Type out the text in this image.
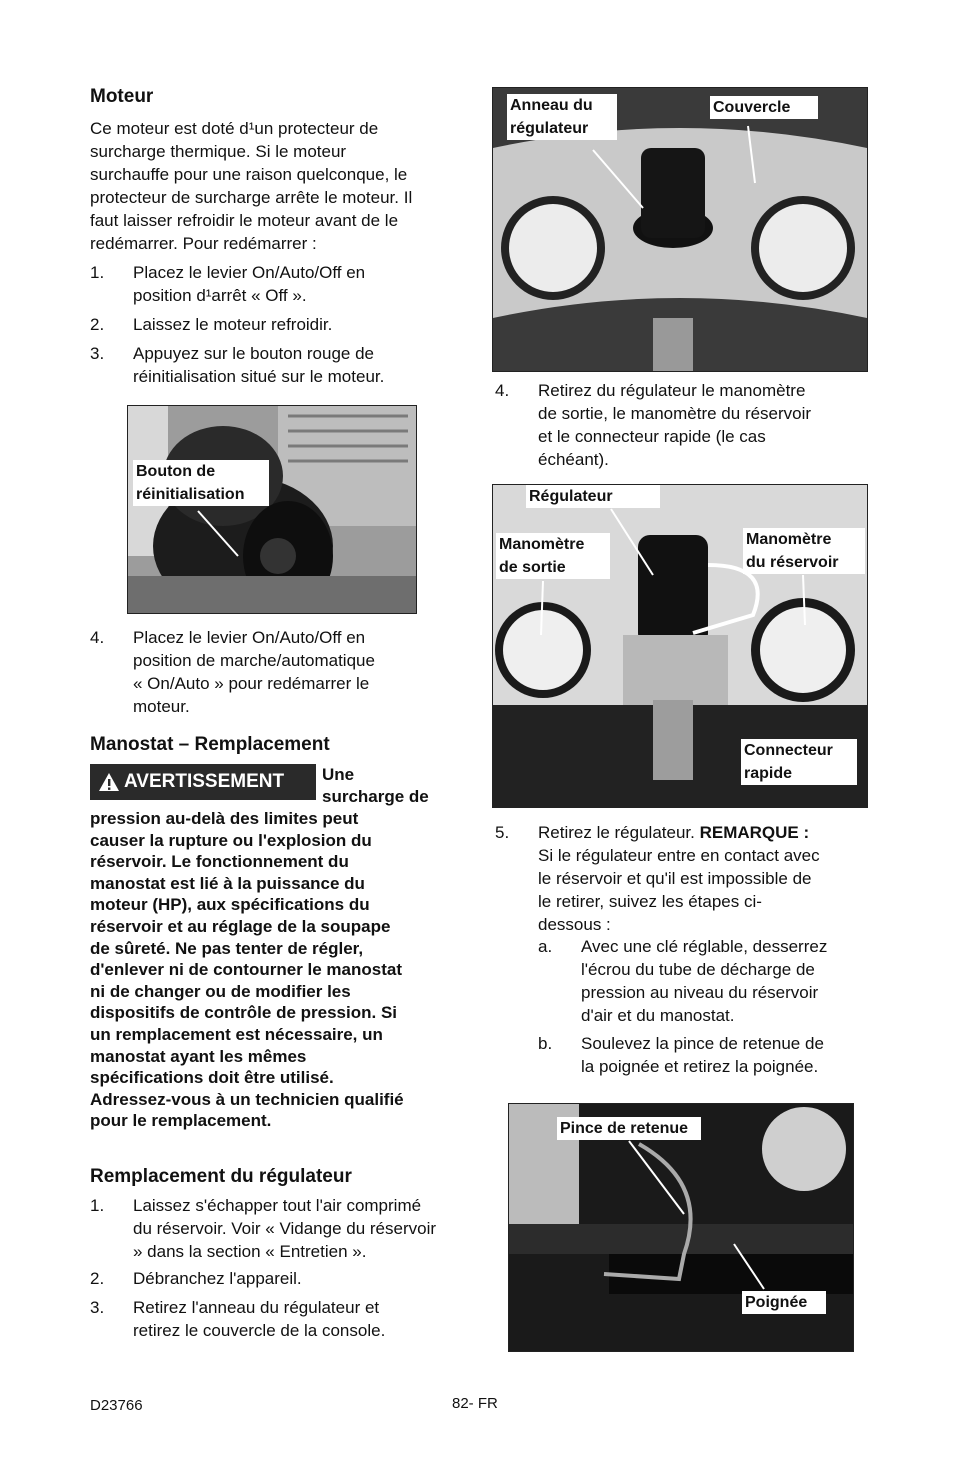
Moteur
Ce moteur est doté d¹un protecteur de
surcharge thermique. Si le moteur
surchauffe pour une raison quelconque, le
protecteur de surcharge arrête le moteur. Il
faut laisser refroidir le moteur avant de le
redémarrer. Pour redémarrer :
1. Placez le levier On/Auto/Off en
position d¹arrêt « Off ».
2. Laissez le moteur refroidir.
3. Appuyez sur le bouton rouge de
réinitialisation situé sur le moteur.
Bouton de
réinitialisation
4. Placez le levier On/Auto/Off en
position de marche/automatique
« On/Auto » pour redémarrer le
moteur.
Manostat – Remplacement
AVERTISSEMENT Une
surcharge de
pression au-delà des limites peut
causer la rupture ou l'explosion du
réservoir. Le fonctionnement du
manostat est lié à la puissance du
moteur (HP), aux spécifications du
réservoir et au réglage de la soupape
de sûreté. Ne pas tenter de régler,
d'enlever ni de contourner le manostat
ni de changer ou de modifier les
dispositifs de contrôle de pression. Si
un remplacement est nécessaire, un
manostat ayant les mêmes
spécifications doit être utilisé.
Adressez-vous à un technicien qualifié
pour le remplacement.
Remplacement du régulateur
1. Laissez s'échapper tout l'air comprimé
du réservoir. Voir « Vidange du réservoir
» dans la section « Entretien ».
2. Débranchez l'appareil.
3. Retirez l'anneau du régulateur et
retirez le couvercle de la console.
Anneau du
régulateur
Couvercle
4. Retirez du régulateur le manomètre
de sortie, le manomètre du réservoir
et le connecteur rapide (le cas
échéant).
Régulateur
Manomètre
de sortie
Manomètre
du réservoir
Connecteur
rapide
5. Retirez le régulateur. REMARQUE :
Si le régulateur entre en contact avec
le réservoir et qu'il est impossible de
le retirer, suivez les étapes ci-
dessous :
a. Avec une clé réglable, desserrez
l'écrou du tube de décharge de
pression au niveau du réservoir
d'air et du manostat.
b. Soulevez la pince de retenue de
la poignée et retirez la poignée.
Pince de retenue
Poignée
D23766	82- FR
